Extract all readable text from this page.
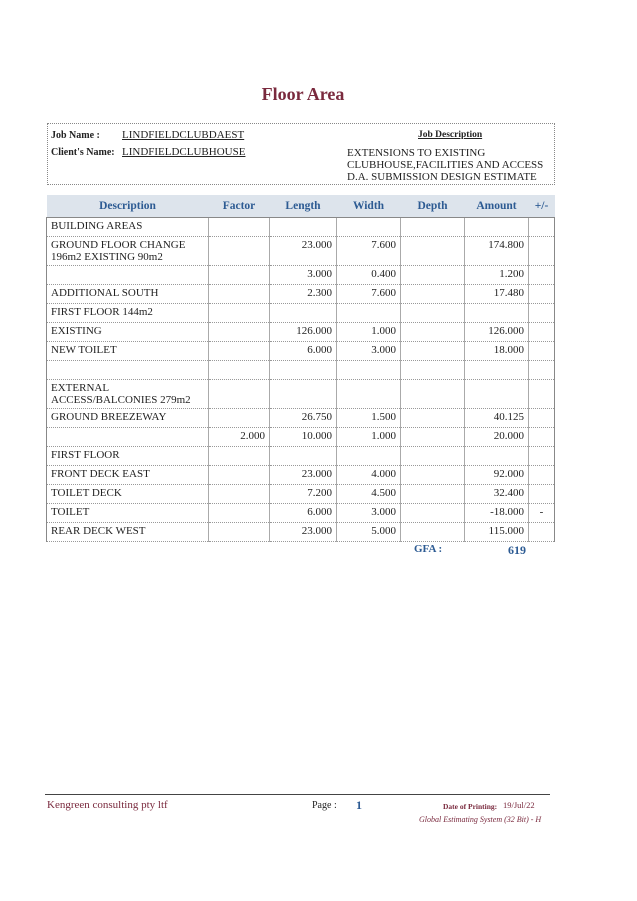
Floor Area
Job Name : LINDFIELDCLUBDAEST
Client's Name: LINDFIELDCLUBHOUSE
Job Description
EXTENSIONS TO EXISTING
CLUBHOUSE,FACILITIES AND ACCESS
D.A. SUBMISSION DESIGN ESTIMATE
Description	Factor	Length	Width	Depth	Amount	+/-
BUILDING AREAS						
GROUND FLOOR CHANGE
196m2 EXISTING 90m2		23.000	7.600		174.800	
		3.000	0.400		1.200	
ADDITIONAL SOUTH		2.300	7.600		17.480	
FIRST FLOOR 144m2						
EXISTING		126.000	1.000		126.000	
NEW TOILET		6.000	3.000		18.000	

EXTERNAL
ACCESS/BALCONIES 279m2						
GROUND BREEZEWAY		26.750	1.500		40.125	
	2.000	10.000	1.000		20.000	
FIRST FLOOR						
FRONT DECK EAST		23.000	4.000		92.000	
TOILET DECK		7.200	4.500		32.400	
TOILET		6.000	3.000		-18.000	-
REAR DECK WEST		23.000	5.000		115.000	
GFA :	619
Kengreen consulting pty ltf	Page : 1	Date of Printing: 19/Jul/22
Global Estimating System (32 Bit) - H
